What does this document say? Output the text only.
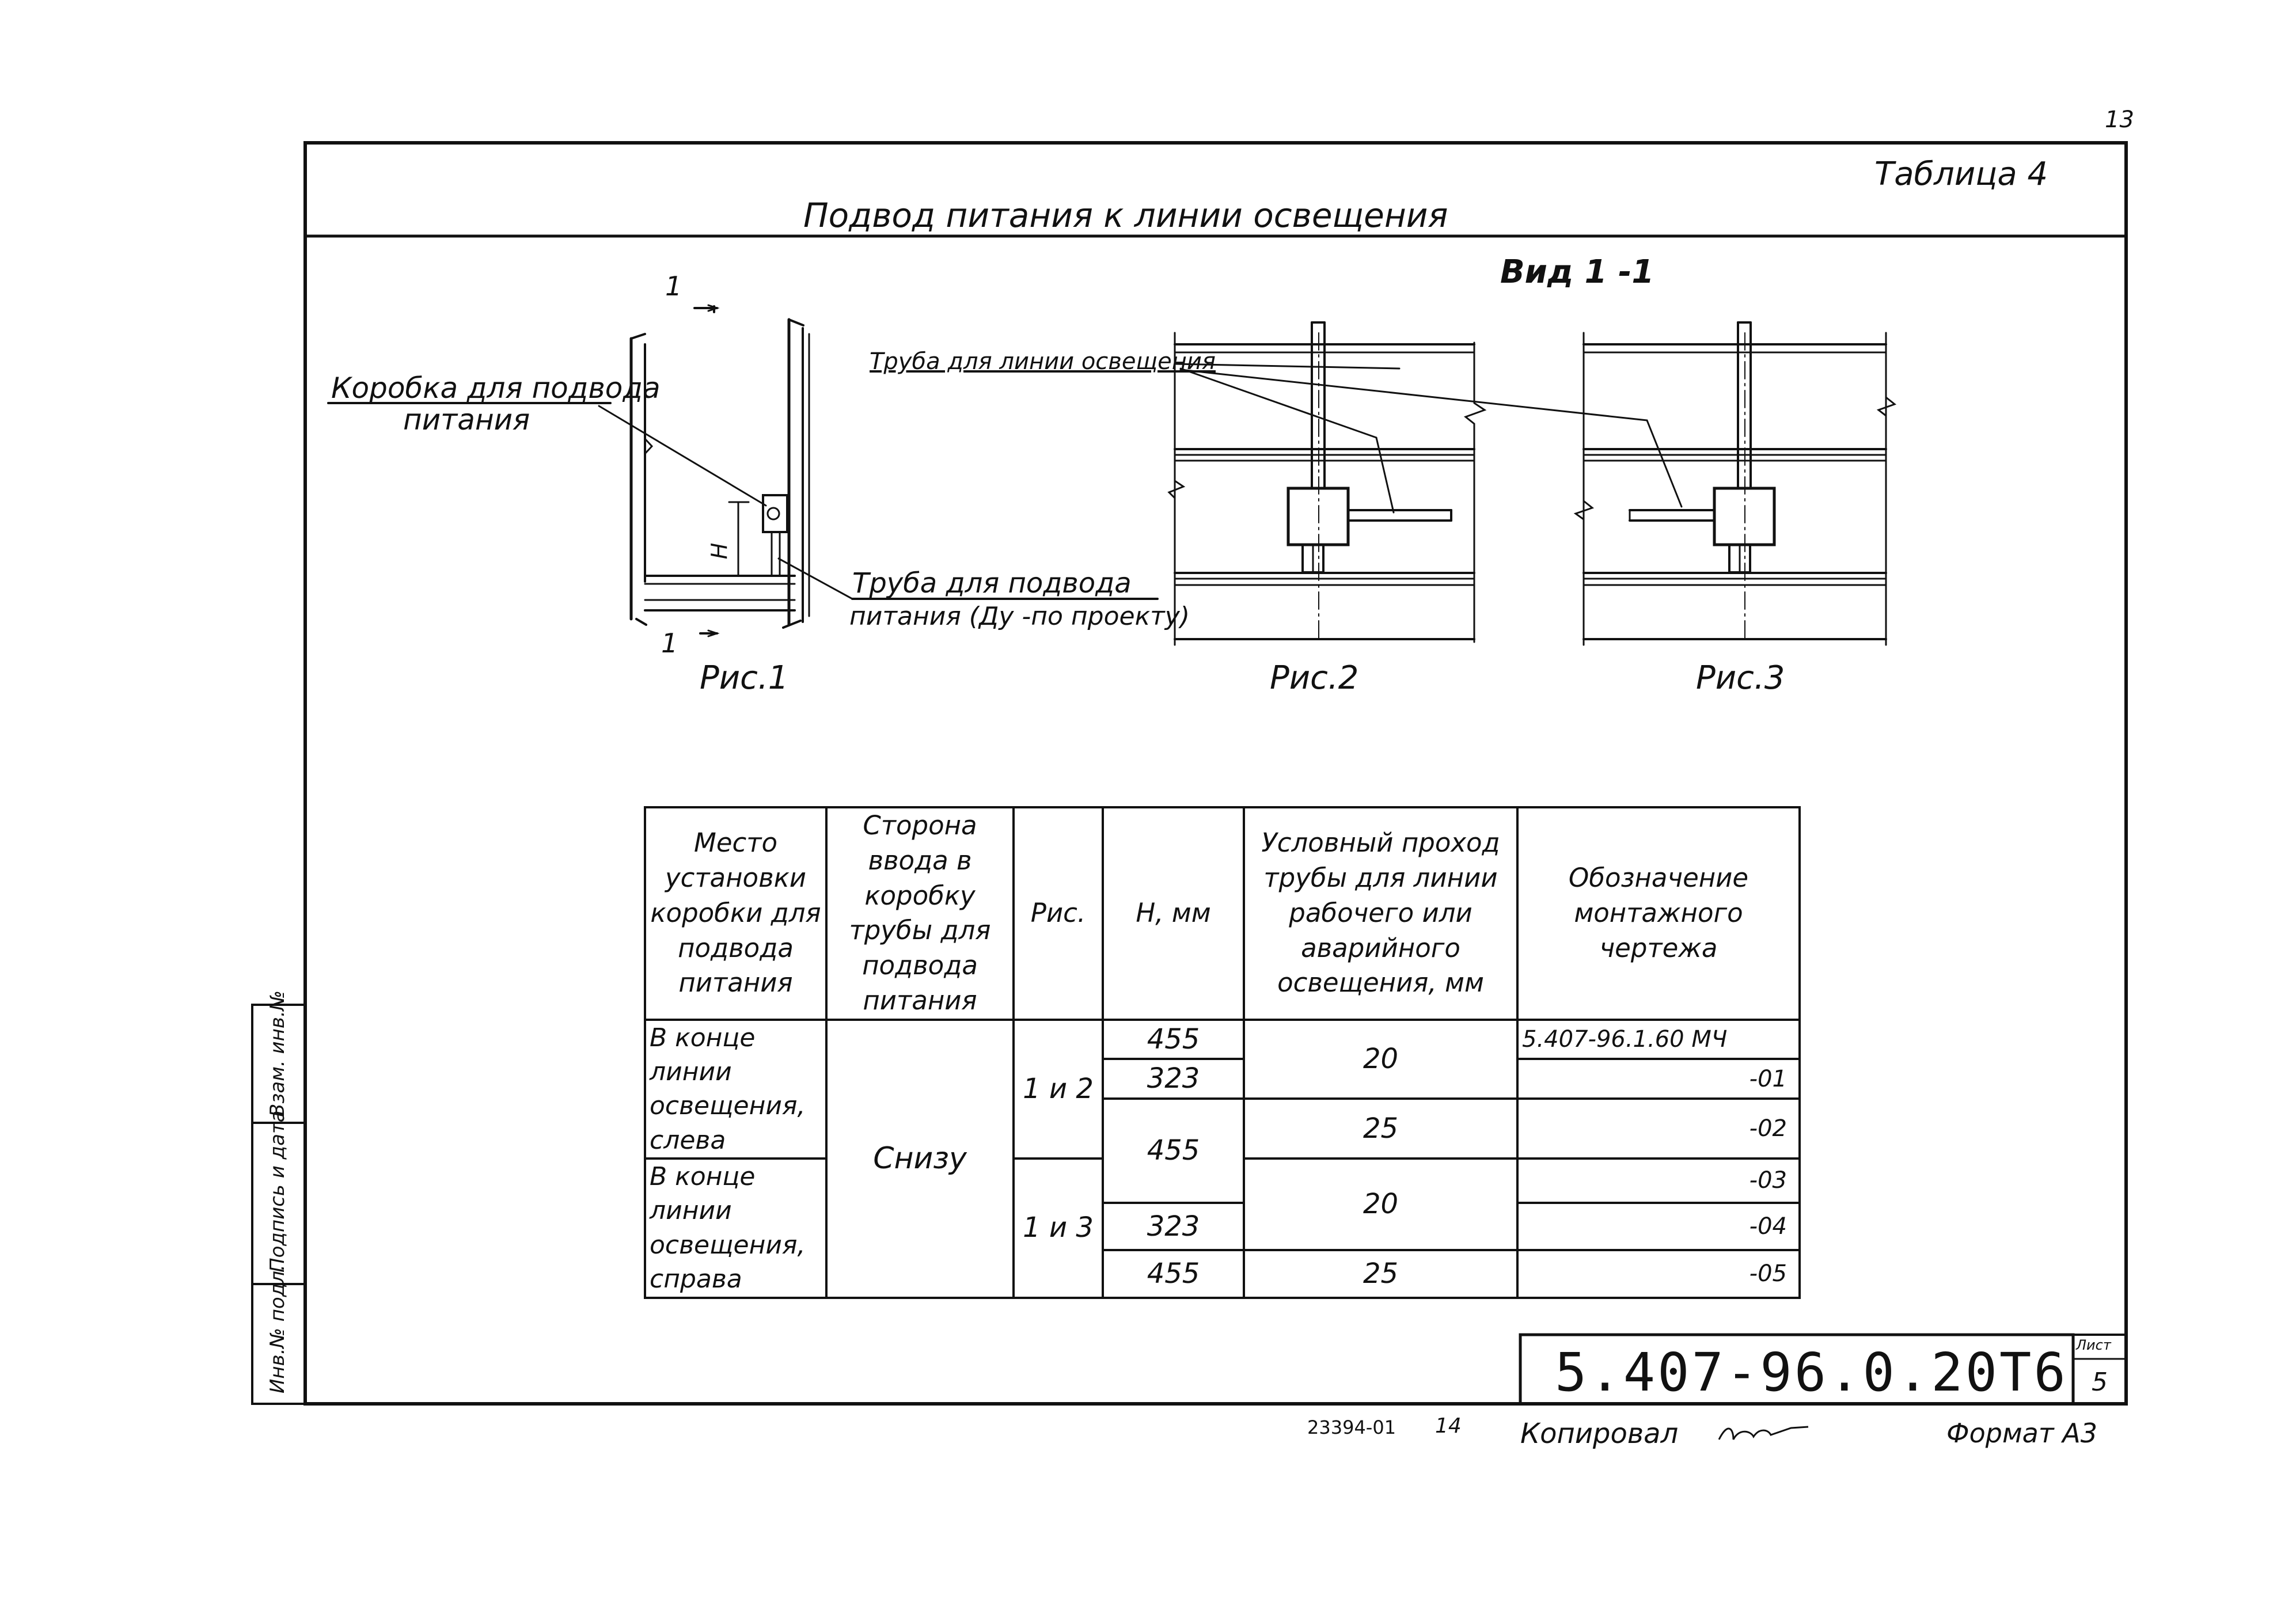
13
Таблица 4
Подвод питания к линии освещения
Вид 1 -1
Коробка для подвода
питания
1
1
H
Труба для подвода
питания (Ду -по проекту)
Рис.1
Труба для линии освещения
Рис.2	Рис.3
Место установки коробки для подвода питания	Сторона ввода в коробку трубы для подвода питания	Рис.	H, мм	Условный проход трубы для линии рабочего или аварийного освещения, мм	Обозначение монтажного чертежа
В конце линии освещения, слева	Снизу	1 и 2	455	20	5.407-96.1.60 МЧ
			323		-01
			455	25	-02
В конце линии освещения, справа		1 и 3		20	-03
			323		-04
			455	25	-05
Инв.№ подл.
Подпись и дата
Взам. инв.№
5.407-96.0.20Т6 Лист
5
23394-01 14 Копировал	Формат А3
